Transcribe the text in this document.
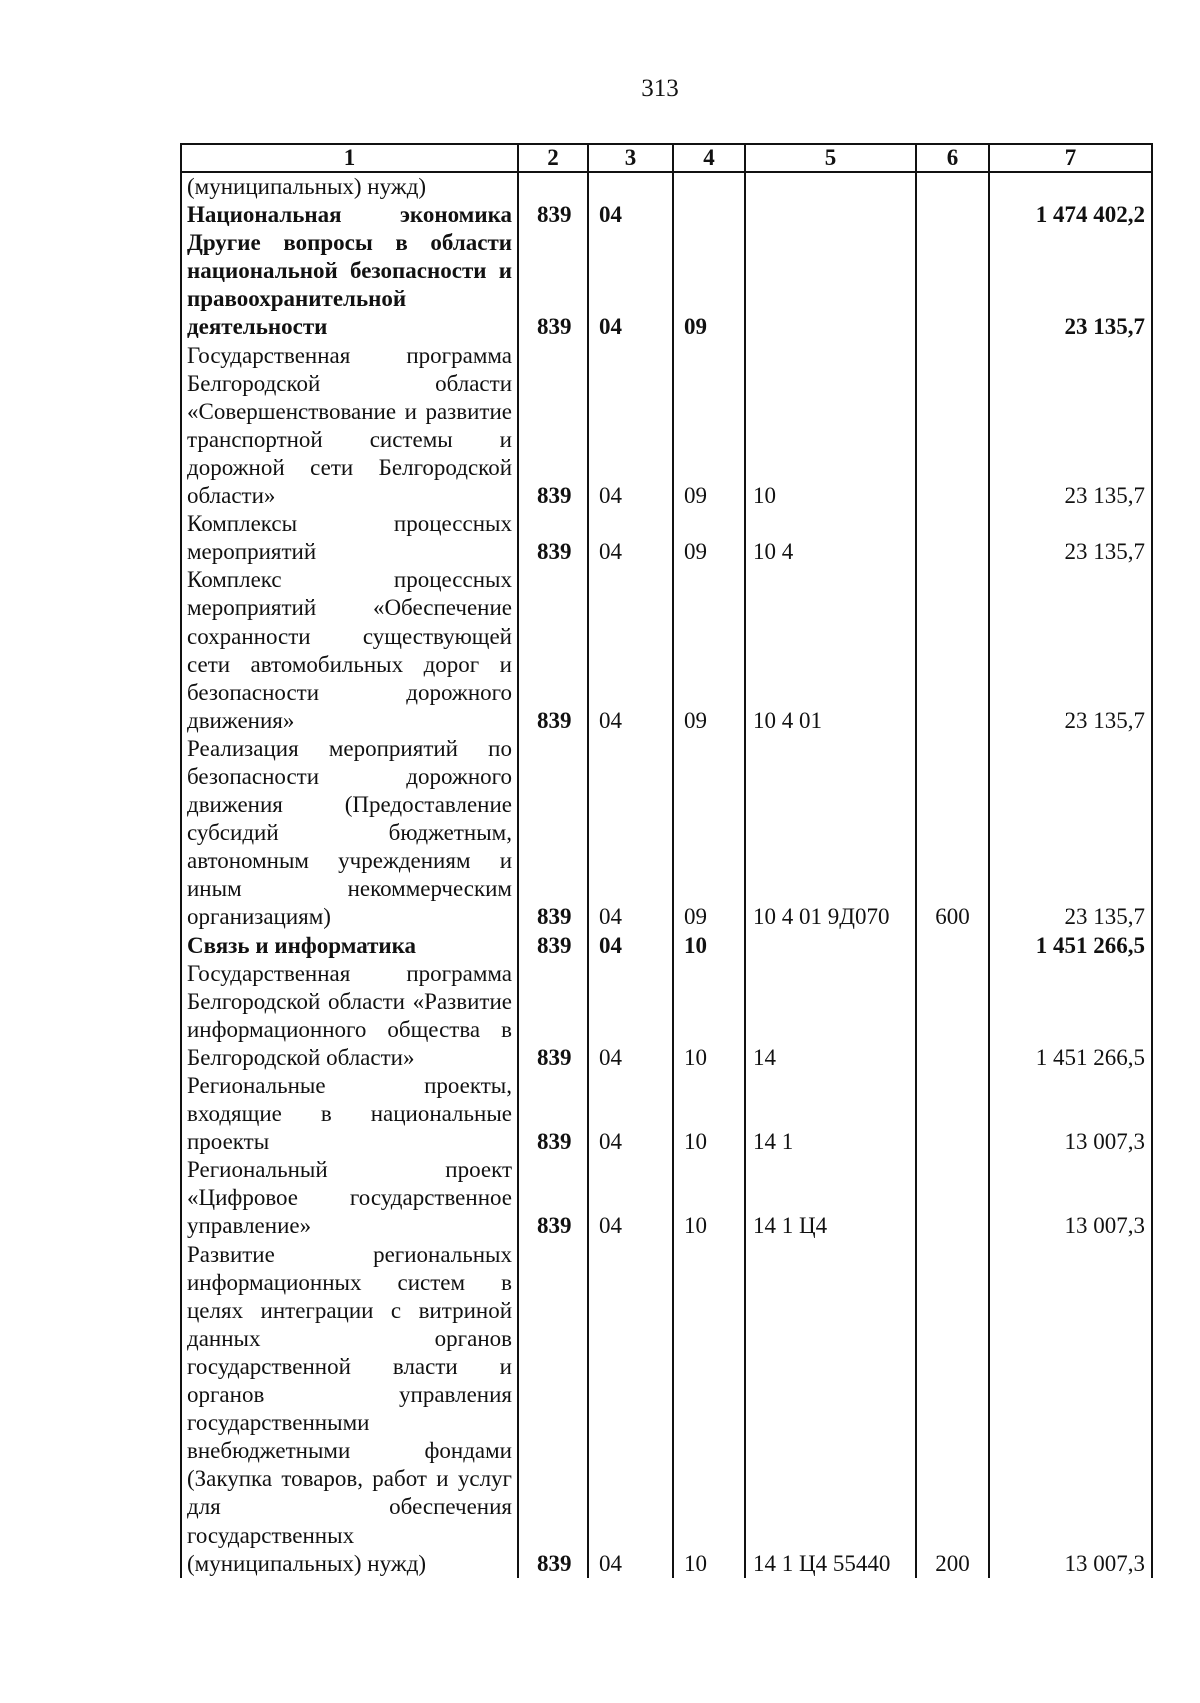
313
1	2	3	4	5	6	7
(муниципальных) нужд)						
Национальная экономика	839	04				1 474 402,2
Другие вопросы в области национальной безопасности и правоохранительной деятельности	839	04	09			23 135,7
Государственная программа Белгородской области «Совершенствование и развитие транспортной системы и дорожной сети Белгородской области»	839	04	09	10		23 135,7
Комплексы процессных мероприятий	839	04	09	10 4		23 135,7
Комплекс процессных мероприятий «Обеспечение сохранности существующей сети автомобильных дорог и безопасности дорожного движения»	839	04	09	10 4 01		23 135,7
Реализация мероприятий по безопасности дорожного движения (Предоставление субсидий бюджетным, автономным учреждениям и иным некоммерческим организациям)	839	04	09	10 4 01 9Д070	600	23 135,7
Связь и информатика	839	04	10			1 451 266,5
Государственная программа Белгородской области «Развитие информационного общества в Белгородской области»	839	04	10	14		1 451 266,5
Региональные проекты, входящие в национальные проекты	839	04	10	14 1		13 007,3
Региональный проект «Цифровое государственное управление»	839	04	10	14 1 Ц4		13 007,3
Развитие региональных информационных систем в целях интеграции с витриной данных органов государственной власти и органов управления государственными внебюджетными фондами (Закупка товаров, работ и услуг для обеспечения государственных (муниципальных) нужд)	839	04	10	14 1 Ц4 55440	200	13 007,3
